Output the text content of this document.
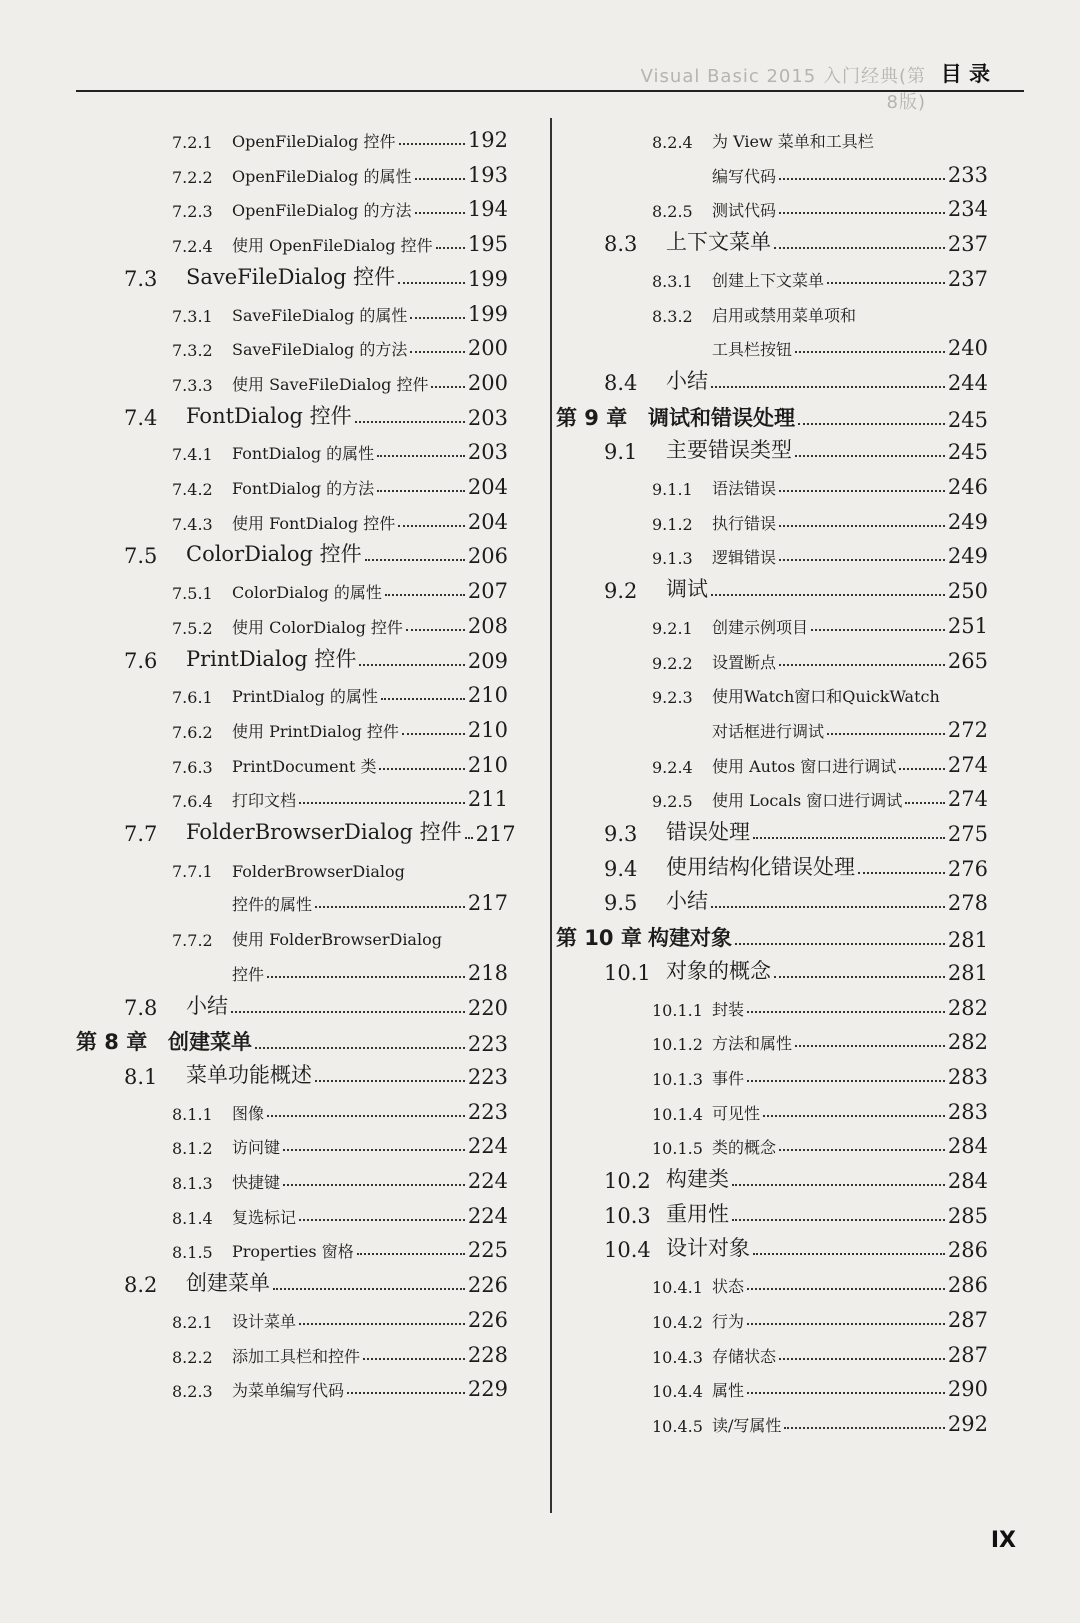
Visual Basic 2015 入门经典(第8版)
目 录
7.2.1	OpenFileDialog 控件	192
7.2.2	OpenFileDialog 的属性	193
7.2.3	OpenFileDialog 的方法	194
7.2.4	使用 OpenFileDialog 控件 195
7.3	SaveFileDialog 控件	199
7.3.1	SaveFileDialog 的属性	199
7.3.2	SaveFileDialog 的方法	200
7.3.3	使用 SaveFileDialog 控件 200
7.4	FontDialog 控件	203
7.4.1	FontDialog 的属性	203
7.4.2	FontDialog 的方法	204
7.4.3	使用 FontDialog 控件	204
7.5	ColorDialog 控件	206
7.5.1	ColorDialog 的属性	207
7.5.2	使用 ColorDialog 控件	208
7.6	PrintDialog 控件	209
7.6.1	PrintDialog 的属性	210
7.6.2	使用 PrintDialog 控件	210
7.6.3	PrintDocument 类	210
7.6.4	打印文档	211
7.7	FolderBrowserDialog 控件 217
7.7.1	FolderBrowserDialog
控件的属性	217
7.7.2	使用 FolderBrowserDialog
控件	218
7.8	小结	220
第 8 章 创建菜单	223
8.1	菜单功能概述	223
8.1.1	图像	223
8.1.2	访问键	224
8.1.3	快捷键	224
8.1.4	复选标记	224
8.1.5	Properties 窗格	225
8.2	创建菜单	226
8.2.1	设计菜单	226
8.2.2	添加工具栏和控件	228
8.2.3	为菜单编写代码	229
8.2.4	为 View 菜单和工具栏
编写代码	233
8.2.5	测试代码	234
8.3	上下文菜单	237
8.3.1	创建上下文菜单	237
8.3.2	启用或禁用菜单项和
工具栏按钮	240
8.4	小结	244
第 9 章 调试和错误处理	245
9.1	主要错误类型	245
9.1.1	语法错误	246
9.1.2	执行错误	249
9.1.3	逻辑错误	249
9.2	调试	250
9.2.1	创建示例项目	251
9.2.2	设置断点	265
9.2.3	使用Watch窗口和QuickWatch
对话框进行调试	272
9.2.4	使用 Autos 窗口进行调试 274
9.2.5	使用 Locals 窗口进行调试 274
9.3	错误处理	275
9.4	使用结构化错误处理	276
9.5	小结	278
第 10 章 构建对象	281
10.1 对象的概念	281
10.1.1 封装	282
10.1.2 方法和属性	282
10.1.3 事件	283
10.1.4 可见性	283
10.1.5 类的概念	284
10.2 构建类	284
10.3 重用性	285
10.4 设计对象	286
10.4.1 状态	286
10.4.2 行为	287
10.4.3 存储状态	287
10.4.4 属性	290
10.4.5 读/写属性	292
IX
